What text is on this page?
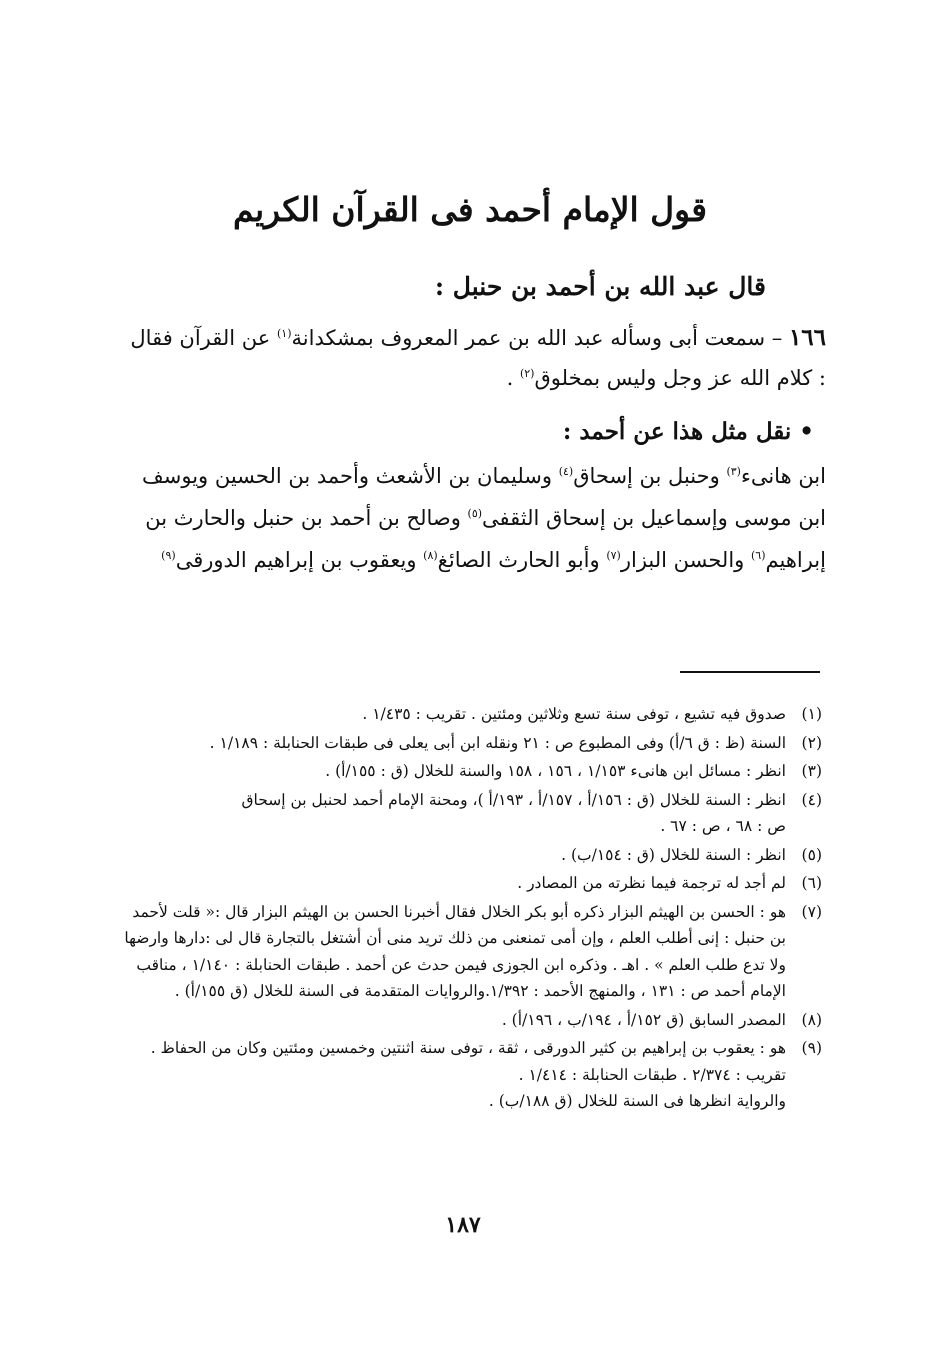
قول الإمام أحمد فى القرآن الكريم
قال عبد الله بن أحمد بن حنبل :
١٦٦ – سمعت أبى وسأله عبد الله بن عمر المعروف بمشكدانة$^{(١)}$ عن القرآن فقال : كلام الله عز وجل وليس بمخلوق$^{(٢)}$ .
• نقل مثل هذا عن أحمد :
ابن هانىء$^{(٣)}$ وحنبل بن إسحاق$^{(٤)}$ وسليمان بن الأشعث وأحمد بن الحسين ويوسف ابن موسى وإسماعيل بن إسحاق الثقفى$^{(٥)}$ وصالح بن أحمد بن حنبل والحارث بن إبراهيم$^{(٦)}$ والحسن البزار$^{(٧)}$ وأبو الحارث الصائغ$^{(٨)}$ ويعقوب بن إبراهيم الدورقى$^{(٩)}$
(١)
صدوق فيه تشيع ، توفى سنة تسع وثلاثين ومئتين . تقريب : ١/٤٣٥ .
(٢)
السنة (ظ : ق ٦/أ) وفى المطبوع ص : ٢١ ونقله ابن أبى يعلى فى طبقات الحنابلة : ١/١٨٩ .
(٣)
انظر : مسائل ابن هانىء ١/١٥٣ ، ١٥٦ ، ١٥٨ والسنة للخلال (ق : ١٥٥/أ) .
(٤)
انظر : السنة للخلال (ق : ١٥٦/أ ، ١٥٧/أ ، ١٩٣/أ )، ومحنة الإمام أحمد لحنبل بن إسحاق
ص : ٦٨ ، ص : ٦٧ .
(٥)
انظر : السنة للخلال (ق : ١٥٤/ب) .
(٦)
لم أجد له ترجمة فيما نظرته من المصادر .
(٧)
هو : الحسن بن الهيثم البزار ذكره أبو بكر الخلال فقال أخبرنا الحسن بن الهيثم البزار قال :« قلت لأحمد بن حنبل : إنى أطلب العلم ، وإن أمى تمنعنى من ذلك تريد منى أن أشتغل بالتجارة قال لى :دارها وارضها ولا تدع طلب العلم » . اهـ . وذكره ابن الجوزى فيمن حدث عن أحمد . طبقات الحنابلة : ١/١٤٠ ، مناقب الإمام أحمد ص : ١٣١ ، والمنهج الأحمد : ١/٣٩٢.والروايات المتقدمة فى السنة للخلال (ق ١٥٥/أ) .
(٨)
المصدر السابق (ق ١٥٢/أ ، ١٩٤/ب ، ١٩٦/أ) .
(٩)
هو : يعقوب بن إبراهيم بن كثير الدورقى ، ثقة ، توفى سنة اثنتين وخمسين ومئتين وكان من الحفاظ .
تقريب : ٢/٣٧٤ . طبقات الحنابلة : ١/٤١٤ .
والرواية انظرها فى السنة للخلال (ق ١٨٨/ب) .
١٨٧
